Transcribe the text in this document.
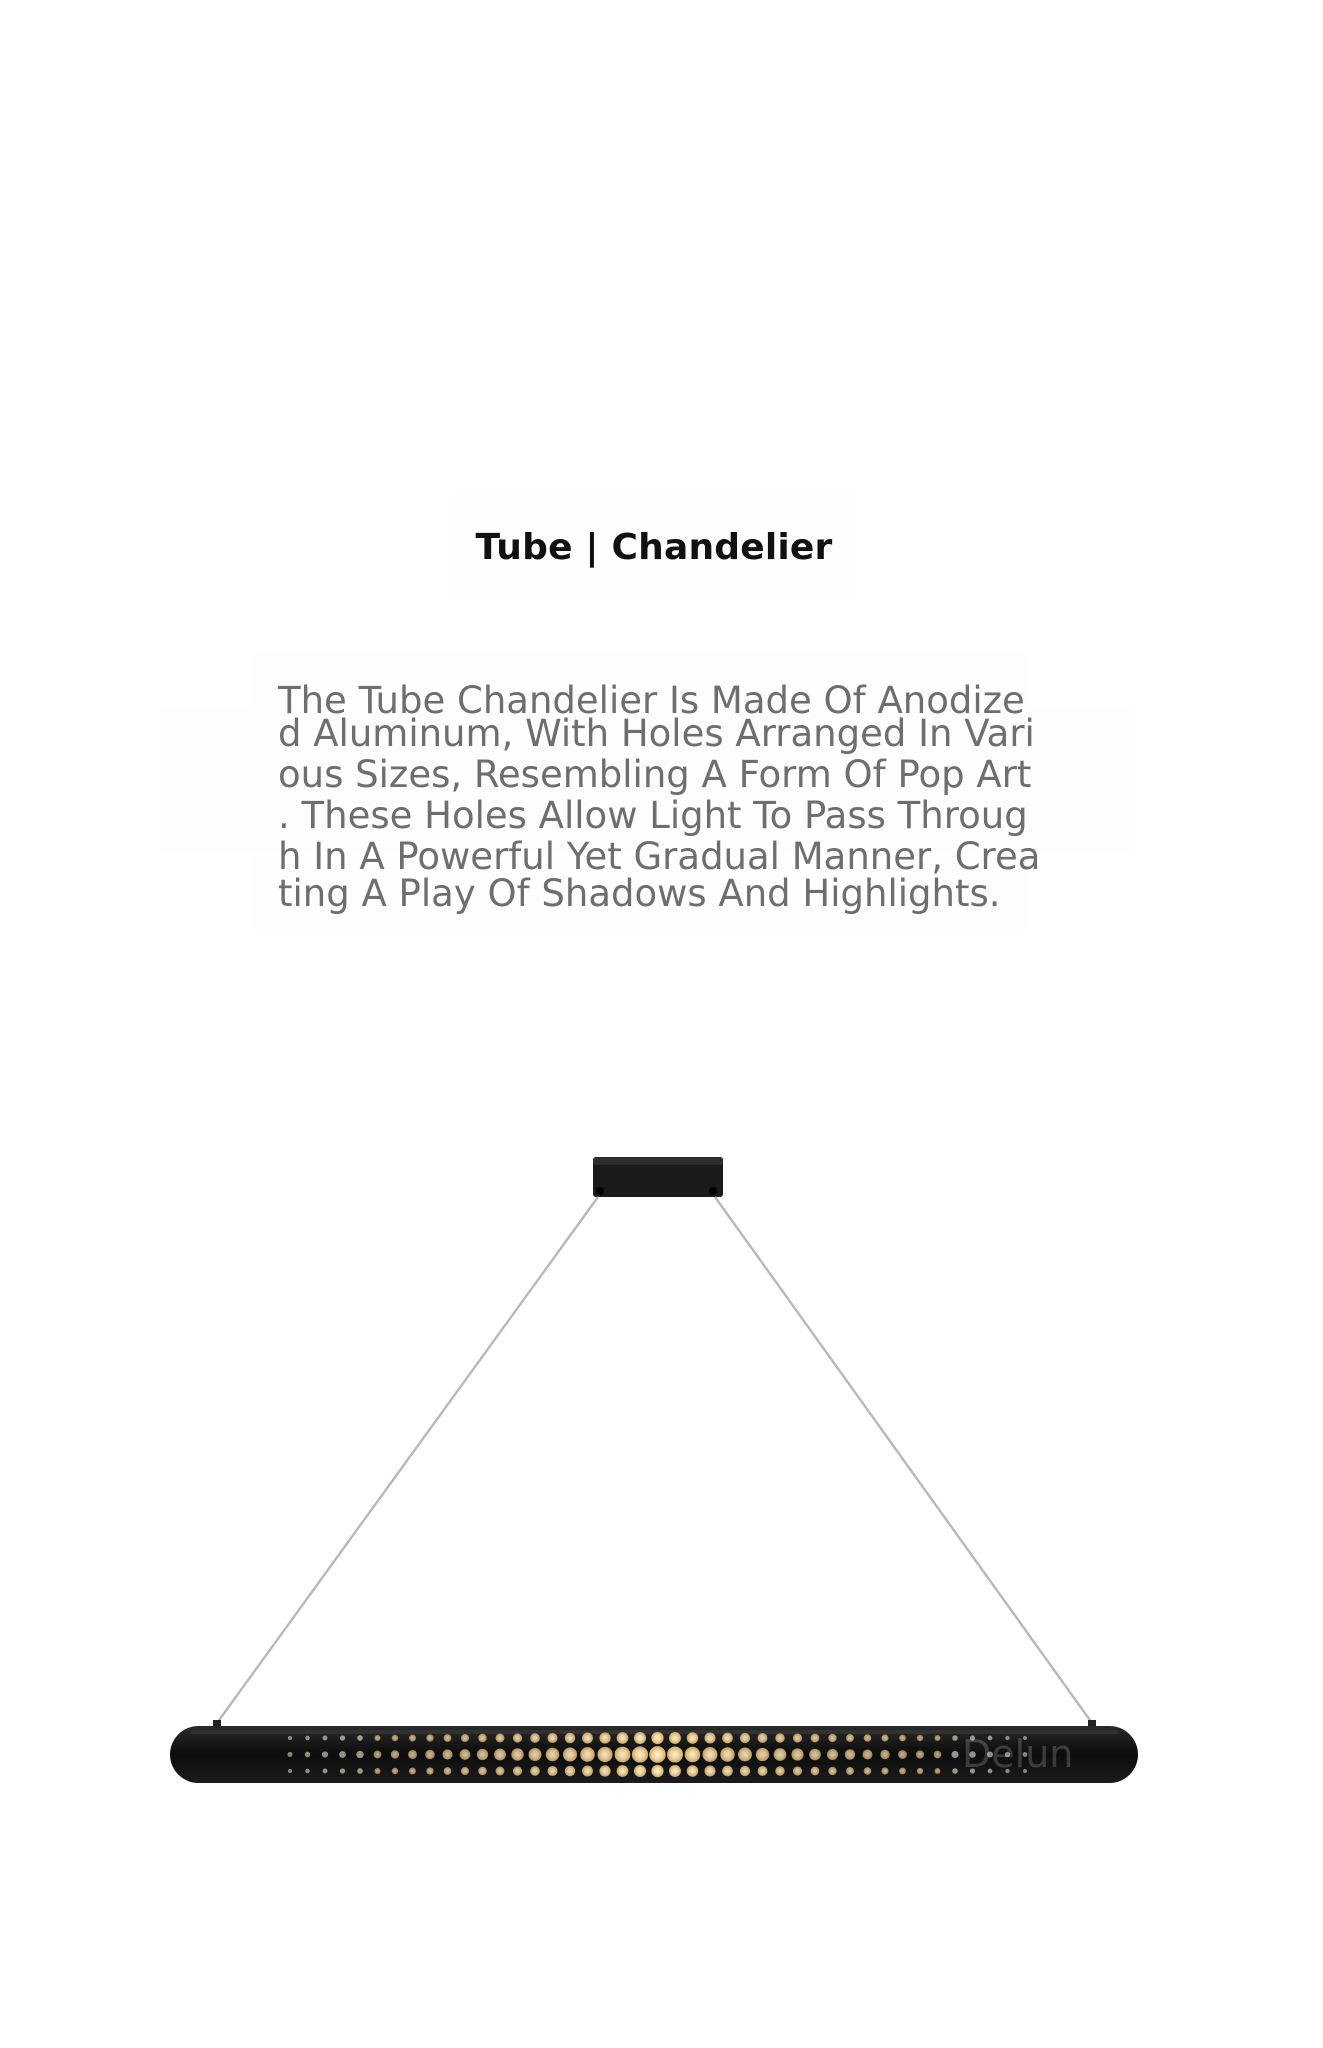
Tube | Chandelier

The Tube Chandelier Is Made Of Anodize
d Aluminum, With Holes Arranged In Vari
ous Sizes, Resembling A Form Of Pop Art
. These Holes Allow Light To Pass Throug
h In A Powerful Yet Gradual Manner, Crea
ting A Play Of Shadows And Highlights.

Delun
